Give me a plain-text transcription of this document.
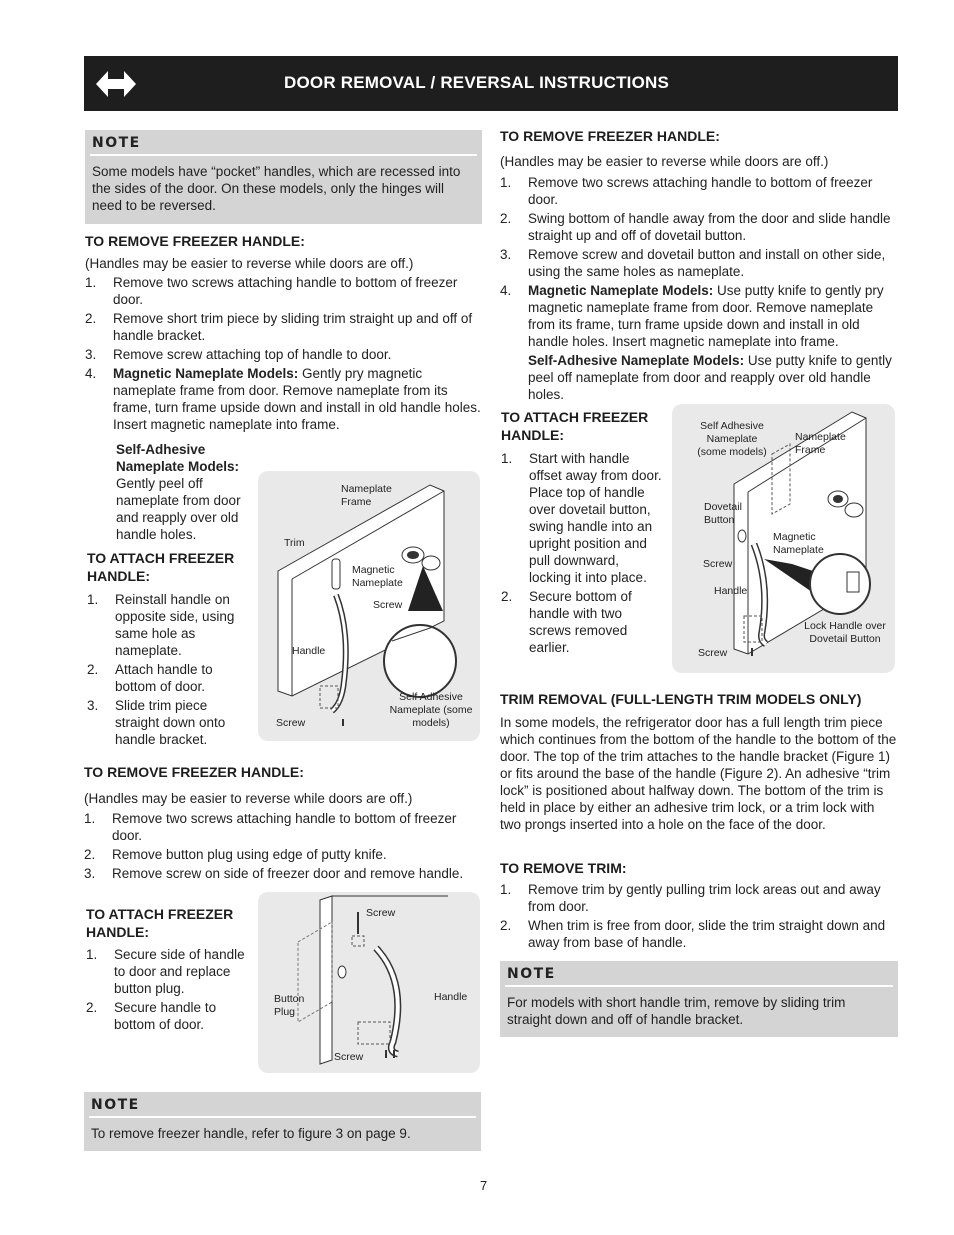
DOOR REMOVAL / REVERSAL INSTRUCTIONS
NOTE
Some models have “pocket” handles, which are recessed into the sides of the door. On these models, only the hinges will need to be reversed.
TO REMOVE FREEZER HANDLE:
(Handles may be easier to reverse while doors are off.)
1. Remove two screws attaching handle to bottom of freezer door.
2. Remove short trim piece by sliding trim straight up and off of handle bracket.
3. Remove screw attaching top of handle to door.
4. Magnetic Nameplate Models: Gently pry magnetic nameplate frame from door. Remove nameplate from its frame, turn frame upside down and install in old handle holes. Insert magnetic nameplate into frame.
Self-Adhesive Nameplate Models: Gently peel off nameplate from door and reapply over old handle holes.
TO ATTACH FREEZER HANDLE:
1. Reinstall handle on opposite side, using same hole as nameplate.
2. Attach handle to bottom of door.
3. Slide trim piece straight down onto handle bracket.
Nameplate Frame
Trim
Magnetic Nameplate
Screw
Handle
Self Adhesive Nameplate (some models)
Screw
TO REMOVE FREEZER HANDLE:
(Handles may be easier to reverse while doors are off.)
1. Remove two screws attaching handle to bottom of freezer door.
2. Remove button plug using edge of putty knife.
3. Remove screw on side of freezer door and remove handle.
TO ATTACH FREEZER HANDLE:
1. Secure side of handle to door and replace button plug.
2. Secure handle to bottom of door.
Screw
Button Plug
Handle
Screw
NOTE
To remove freezer handle, refer to figure 3 on page 9.
TO REMOVE FREEZER HANDLE:
(Handles may be easier to reverse while doors are off.)
1. Remove two screws attaching handle to bottom of freezer door.
2. Swing bottom of handle away from the door and slide handle straight up and off of dovetail button.
3. Remove screw and dovetail button and install on other side, using the same holes as nameplate.
4. Magnetic Nameplate Models: Use putty knife to gently pry magnetic nameplate frame from door. Remove nameplate from its frame, turn frame upside down and install in old handle holes. Insert magnetic nameplate into frame.
Self-Adhesive Nameplate Models: Use putty knife to gently peel off nameplate from door and reapply over old handle holes.
TO ATTACH FREEZER HANDLE:
1. Start with handle offset away from door. Place top of handle over dovetail button, swing handle into an upright position and pull downward, locking it into place.
2. Secure bottom of handle with two screws removed earlier.
Self Adhesive Nameplate (some models)
Nameplate Frame
Dovetail Button
Magnetic Nameplate
Screw
Handle
Lock Handle over Dovetail Button
Screw
TRIM REMOVAL (FULL-LENGTH TRIM MODELS ONLY)
In some models, the refrigerator door has a full length trim piece which continues from the bottom of the handle to the bottom of the door. The top of the trim attaches to the handle bracket (Figure 1) or fits around the base of the handle (Figure 2). An adhesive “trim lock” is positioned about halfway down. The bottom of the trim is held in place by either an adhesive trim lock, or a trim lock with two prongs inserted into a hole on the face of the door.
TO REMOVE TRIM:
1. Remove trim by gently pulling trim lock areas out and away from door.
2. When trim is free from door, slide the trim straight down and away from base of handle.
NOTE
For models with short handle trim, remove by sliding trim straight down and off of handle bracket.
7
